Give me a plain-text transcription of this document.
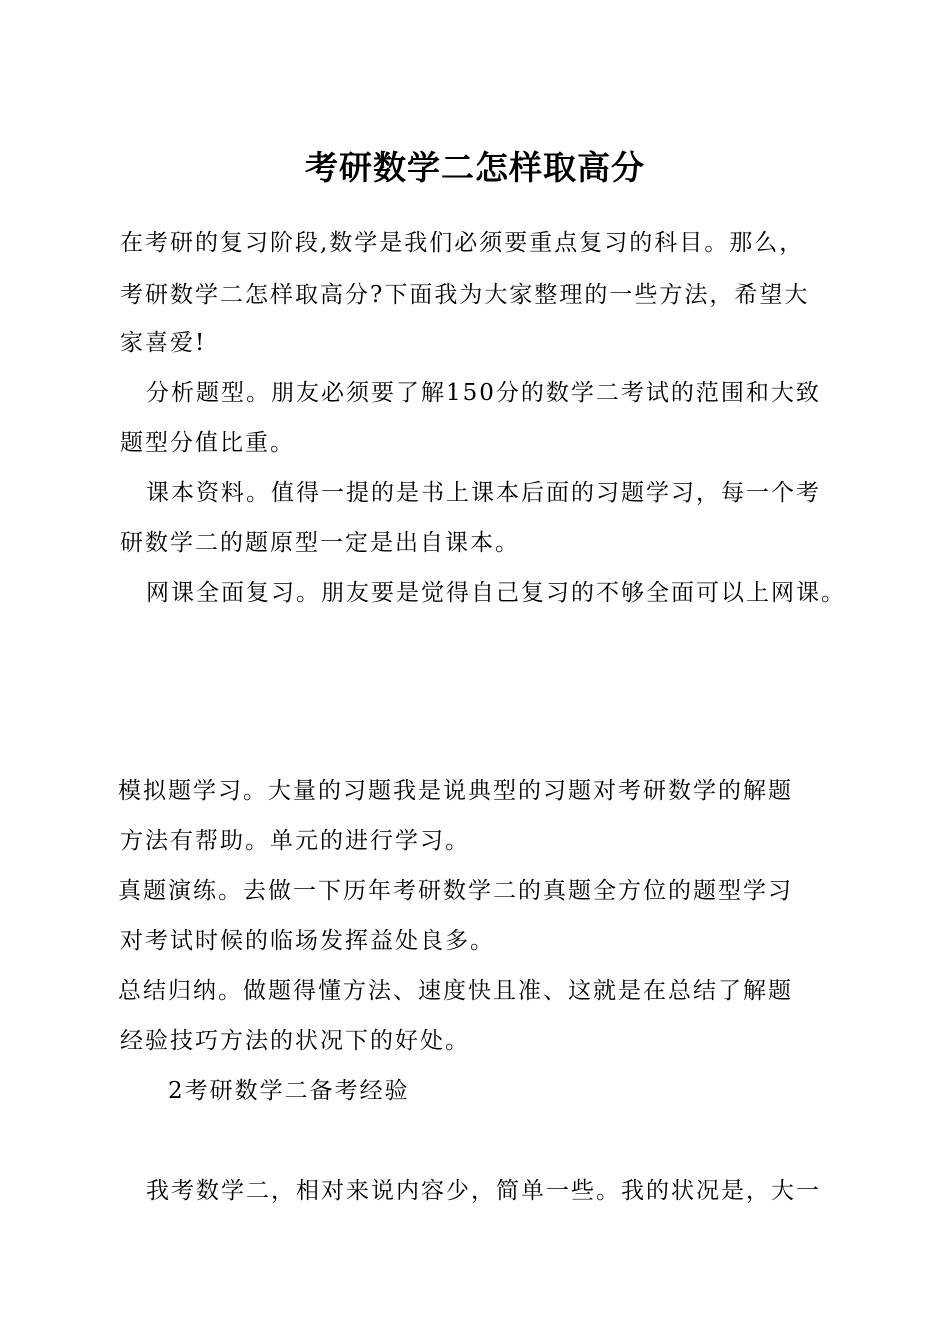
考研数学二怎样取高分
在考研的复习阶段,数学是我们必须要重点复习的科目。那么，
考研数学二怎样取高分?下面我为大家整理的一些方法，希望大
家喜爱!
分析题型。朋友必须要了解150分的数学二考试的范围和大致
题型分值比重。
课本资料。值得一提的是书上课本后面的习题学习，每一个考
研数学二的题原型一定是出自课本。
网课全面复习。朋友要是觉得自己复习的不够全面可以上网课。
模拟题学习。大量的习题我是说典型的习题对考研数学的解题
方法有帮助。单元的进行学习。
真题演练。去做一下历年考研数学二的真题全方位的题型学习
对考试时候的临场发挥益处良多。
总结归纳。做题得懂方法、速度快且准、这就是在总结了解题
经验技巧方法的状况下的好处。
2考研数学二备考经验
我考数学二，相对来说内容少，简单一些。我的状况是，大一
